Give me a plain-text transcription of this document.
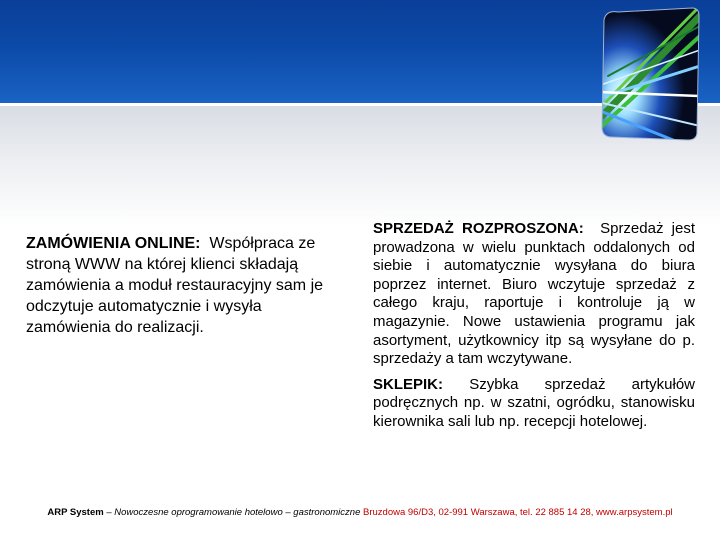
ZAMÓWIENIA ONLINE: Współpraca ze stroną WWW na której klienci składają zamówienia a moduł restauracyjny sam je odczytuje automatycznie i wysyła zamówienia do realizacji.

SPRZEDAŻ ROZPROSZONA: Sprzedaż jest prowadzona w wielu punktach oddalonych od siebie i automatycznie wysyłana do biura poprzez internet. Biuro wczytuje sprzedaż z całego kraju, raportuje i kontroluje ją w magazynie. Nowe ustawienia programu jak asortyment, użytkownicy itp są wysyłane do p. sprzedaży a tam wczytywane.

SKLEPIK: Szybka sprzedaż artykułów podręcznych np. w szatni, ogródku, stanowisku kierownika sali lub np. recepcji hotelowej.

ARP System – Nowoczesne oprogramowanie hotelowo – gastronomiczne Bruzdowa 96/D3, 02-991 Warszawa, tel. 22 885 14 28, www.arpsystem.pl
